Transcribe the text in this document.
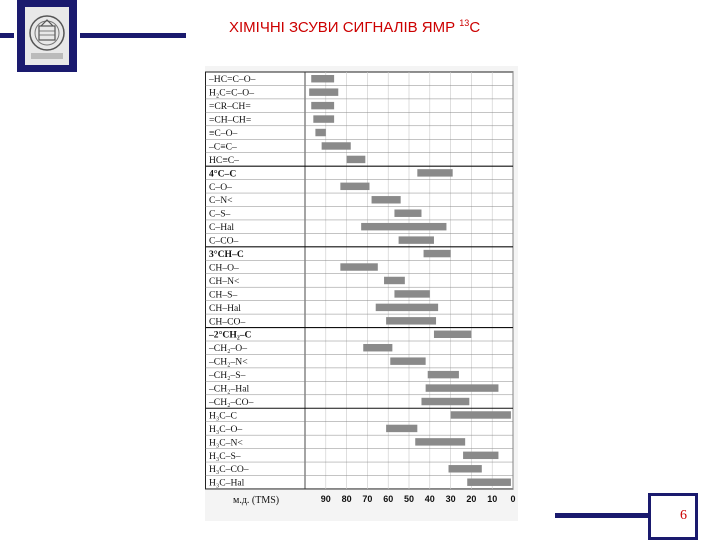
ХІМІЧНІ ЗСУВИ СИГНАЛІВ ЯМР $^{13}$С
–HC=C–O–
H₂C=C–O–
=CR–CH=
=CH–CH=
≡C–O–
–C≡C–
HC≡C–
4°C–C
C–O–
C–N<
C–S–
C–Hal
C–CO–
3°CH–C
CH–O–
CH–N<
CH–S–
CH–Hal
CH–CO–
–2°CH₂–C
–CH₂–O–
–CH₂–N<
–CH₂–S–
–CH₂–Hal
–CH₂–CO–
H₃C–C
H₃C–O–
H₃C–N<
H₃C–S–
H₃C–CO–
H₃C–Hal
м.д. (TMS)	90 80 70 60 50 40 30 20 10 0
6
